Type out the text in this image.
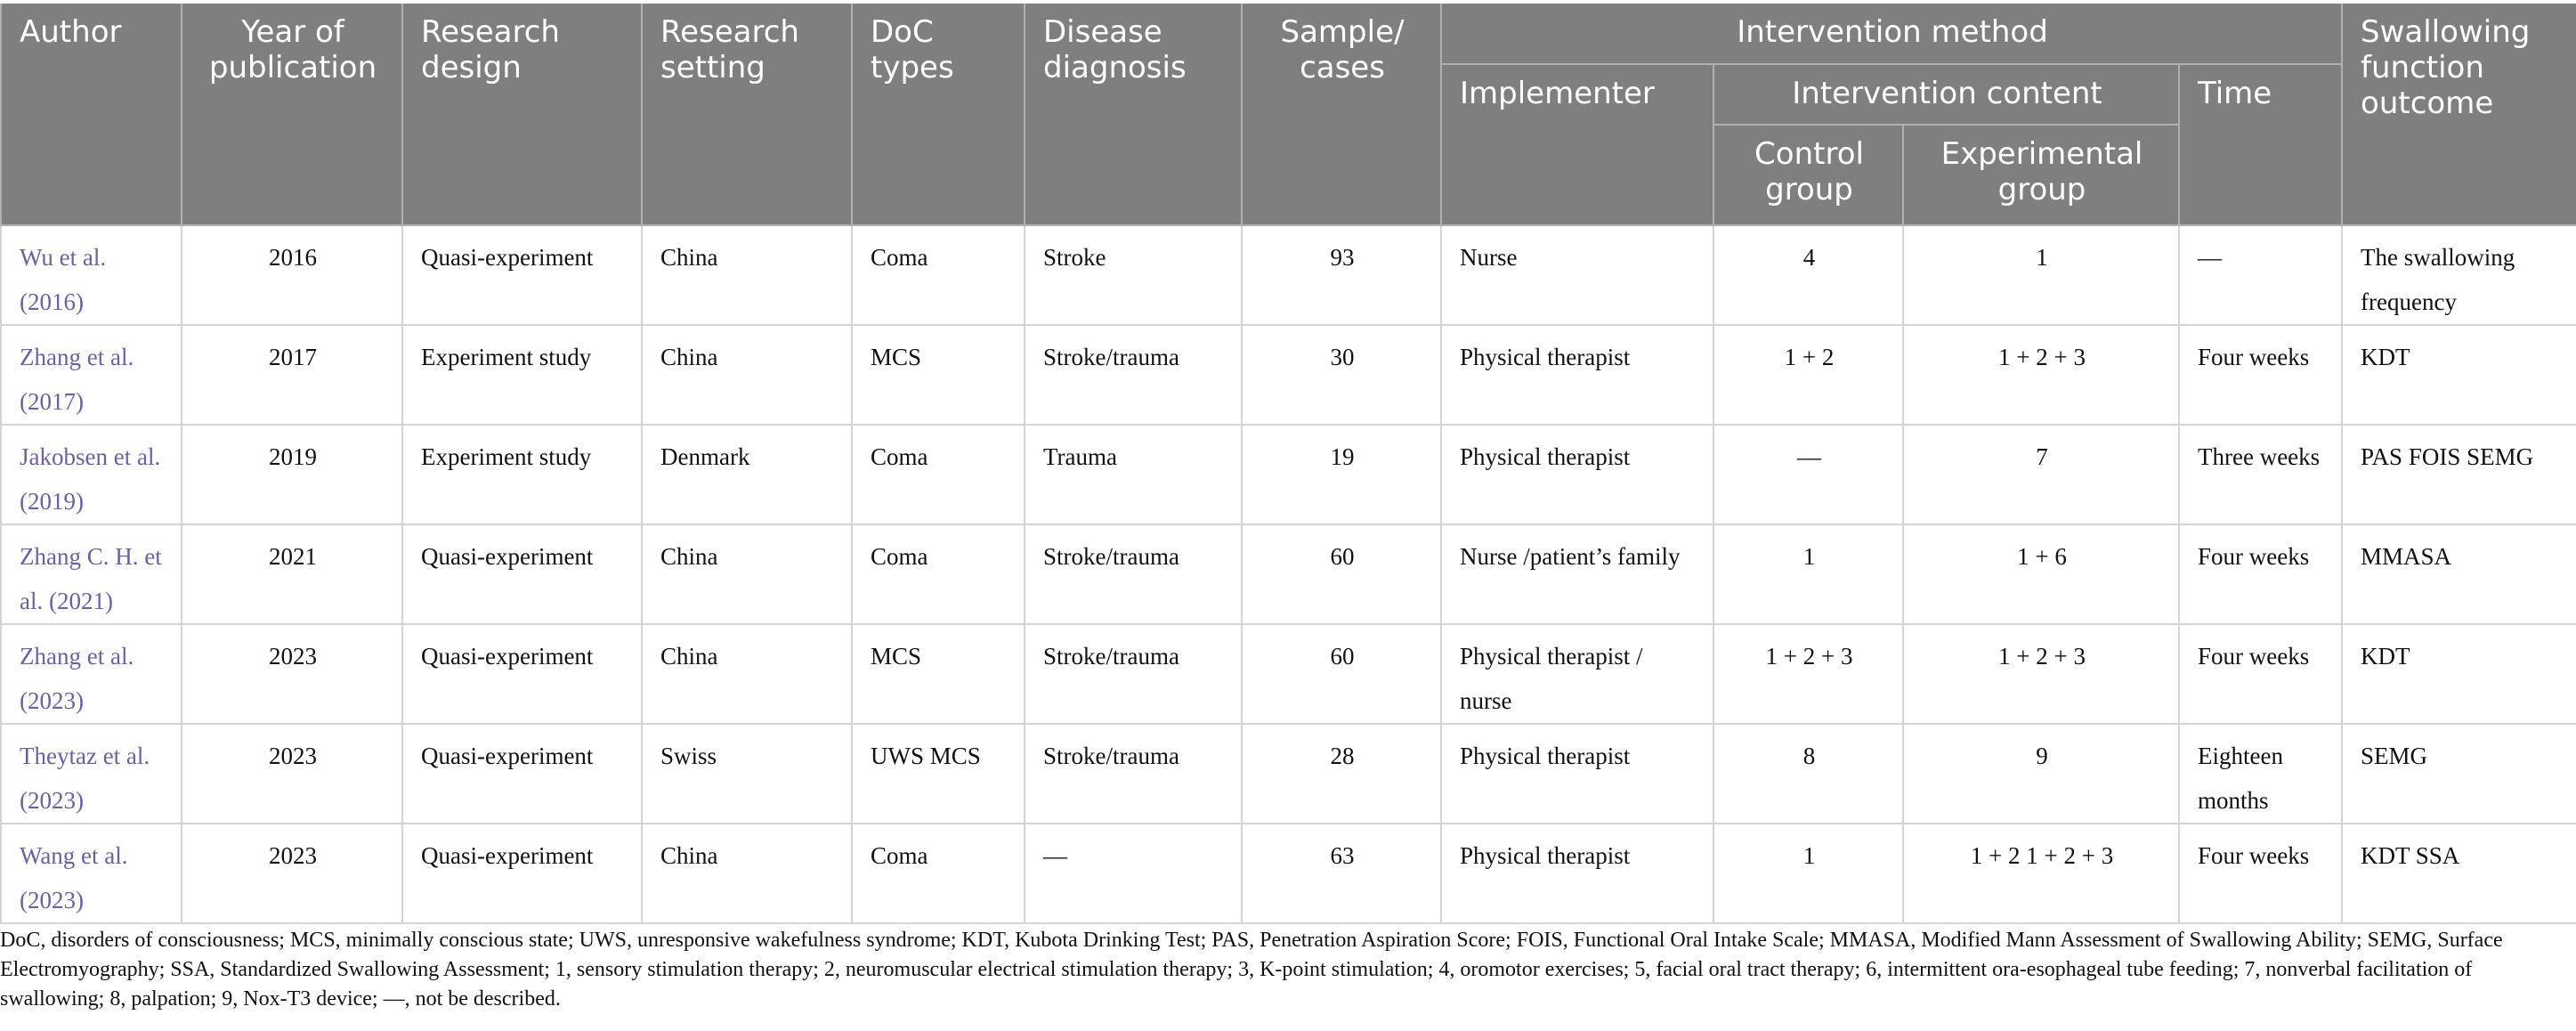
Author	Year of publication	Research design	Research setting	DoC types	Disease diagnosis	Sample/ cases	Intervention method				Swallowing function outcome
							Implementer	Intervention content		Time	
								Control group	Experimental group		
Wu et al. (2016)	2016	Quasi-experiment	China	Coma	Stroke	93	Nurse	4	1	—	The swallowing frequency
Zhang et al. (2017)	2017	Experiment study	China	MCS	Stroke/trauma	30	Physical therapist	1 + 2	1 + 2 + 3	Four weeks	KDT
Jakobsen et al. (2019)	2019	Experiment study	Denmark	Coma	Trauma	19	Physical therapist	—	7	Three weeks	PAS FOIS SEMG
Zhang C. H. et al. (2021)	2021	Quasi-experiment	China	Coma	Stroke/trauma	60	Nurse /patient’s family	1	1 + 6	Four weeks	MMASA
Zhang et al. (2023)	2023	Quasi-experiment	China	MCS	Stroke/trauma	60	Physical therapist / nurse	1 + 2 + 3	1 + 2 + 3	Four weeks	KDT
Theytaz et al. (2023)	2023	Quasi-experiment	Swiss	UWS MCS	Stroke/trauma	28	Physical therapist	8	9	Eighteen months	SEMG
Wang et al. (2023)	2023	Quasi-experiment	China	Coma	—	63	Physical therapist	1	1 + 2 1 + 2 + 3	Four weeks	KDT SSA
DoC, disorders of consciousness; MCS, minimally conscious state; UWS, unresponsive wakefulness syndrome; KDT, Kubota Drinking Test; PAS, Penetration Aspiration Score; FOIS, Functional Oral Intake Scale; MMASA, Modified Mann Assessment of Swallowing Ability; SEMG, Surface Electromyography; SSA, Standardized Swallowing Assessment; 1, sensory stimulation therapy; 2, neuromuscular electrical stimulation therapy; 3, K-point stimulation; 4, oromotor exercises; 5, facial oral tract therapy; 6, intermittent ora-esophageal tube feeding; 7, nonverbal facilitation of swallowing; 8, palpation; 9, Nox-T3 device; —, not be described.
